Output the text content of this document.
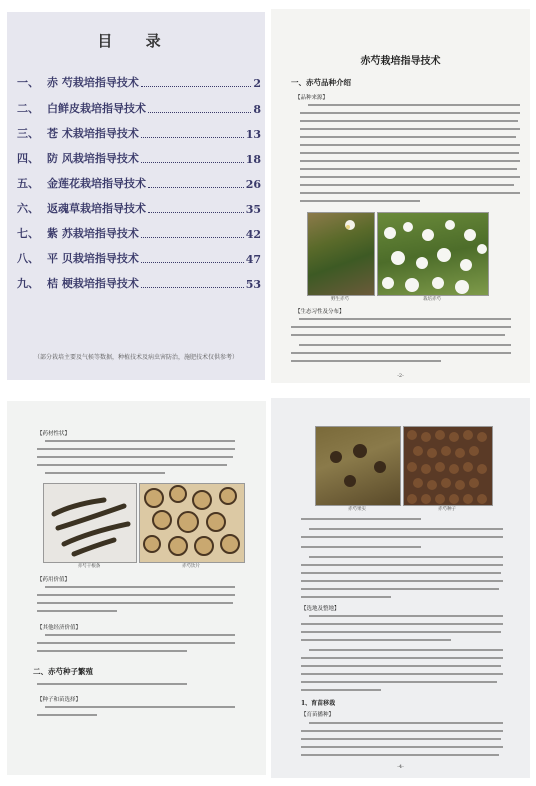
目 录
一、 赤 芍栽培指导技术	2
二、 白鲜皮栽培指导技术	8
三、 苍 术栽培指导技术	13
四、 防 风栽培指导技术	18
五、 金莲花栽培指导技术	26
六、 返魂草栽培指导技术	35
七、 紫 苏栽培指导技术	42
八、 平 贝栽培指导技术	47
九、 桔 梗栽培指导技术	53
（部分栽培主要及气候等数据，种植技术及病虫害防治，施肥技术仅供参考）
赤芍栽培指导技术
一、赤芍品种介绍
【品种来源】
野生赤芍	栽培赤芍
【生态习性及分布】
-2-
【药材性状】
赤芍干根条	赤芍饮片
【药用价值】
【其他经济价值】
二、赤芍种子繁殖
【种子和苗选择】
赤芍果实	赤芍种子
【选地及整地】
1、育苗移栽
【育苗播种】
-4-
